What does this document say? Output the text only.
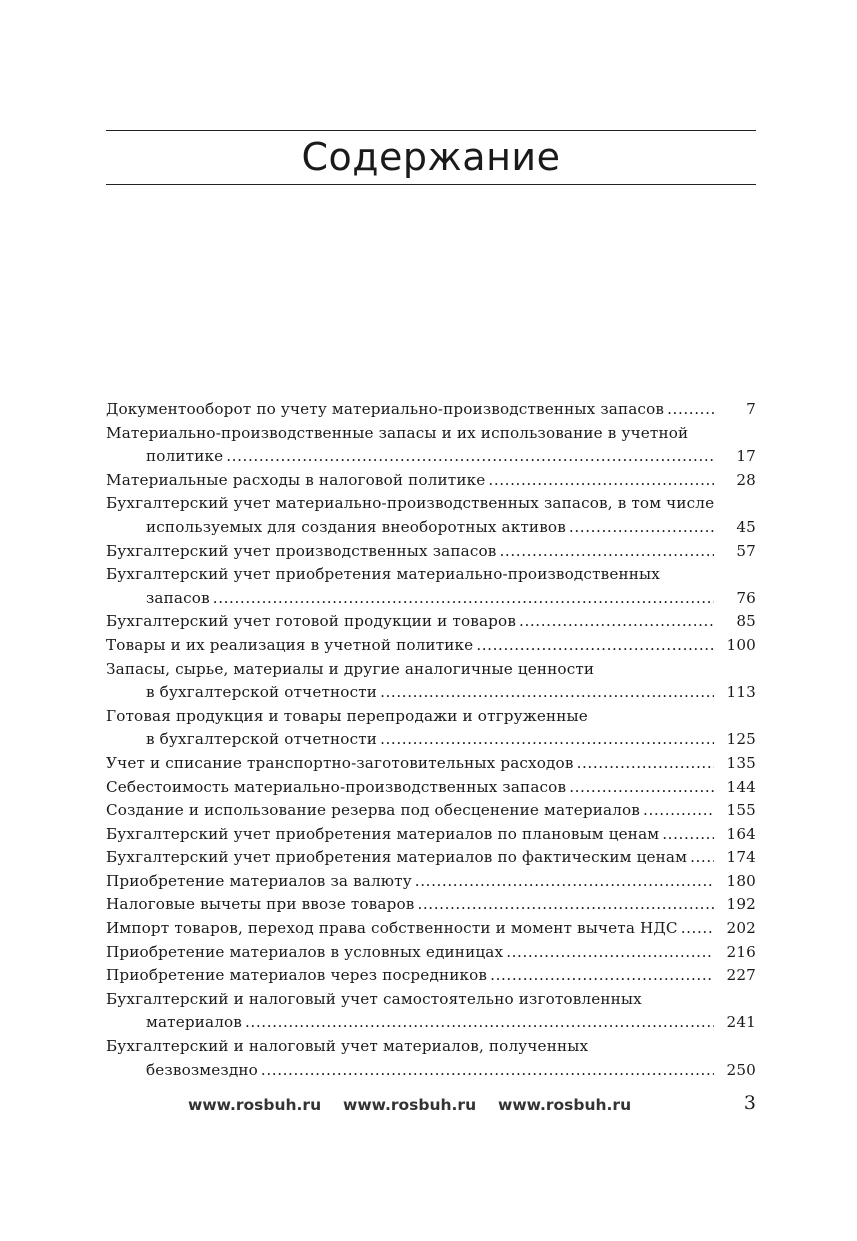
Содержание
Документооборот по учету материально-производственных запасов .....	7
Материально-производственные запасы и их использование в учетной
политике .....	17
Материальные расходы в налоговой политике .....	28
Бухгалтерский учет материально-производственных запасов, в том числе
используемых для создания внеоборотных активов .....	45
Бухгалтерский учет производственных запасов .....	57
Бухгалтерский учет приобретения материально-производственных
запасов .....	76
Бухгалтерский учет готовой продукции и товаров .....	85
Товары и их реализация в учетной политике .....	100
Запасы, сырье, материалы и другие аналогичные ценности
в бухгалтерской отчетности .....	113
Готовая продукция и товары перепродажи и отгруженные
в бухгалтерской отчетности .....	125
Учет и списание транспортно-заготовительных расходов .....	135
Себестоимость материально-производственных запасов .....	144
Создание и использование резерва под обесценение материалов .....	155
Бухгалтерский учет приобретения материалов по плановым ценам .....	164
Бухгалтерский учет приобретения материалов по фактическим ценам .....	174
Приобретение материалов за валюту .....	180
Налоговые вычеты при ввозе товаров .....	192
Импорт товаров, переход права собственности и момент вычета НДС .....	202
Приобретение материалов в условных единицах .....	216
Приобретение материалов через посредников .....	227
Бухгалтерский и налоговый учет самостоятельно изготовленных
материалов .....	241
Бухгалтерский и налоговый учет материалов, полученных
безвозмездно .....	250
www.rosbuh.ru www.rosbuh.ru www.rosbuh.ru	3
